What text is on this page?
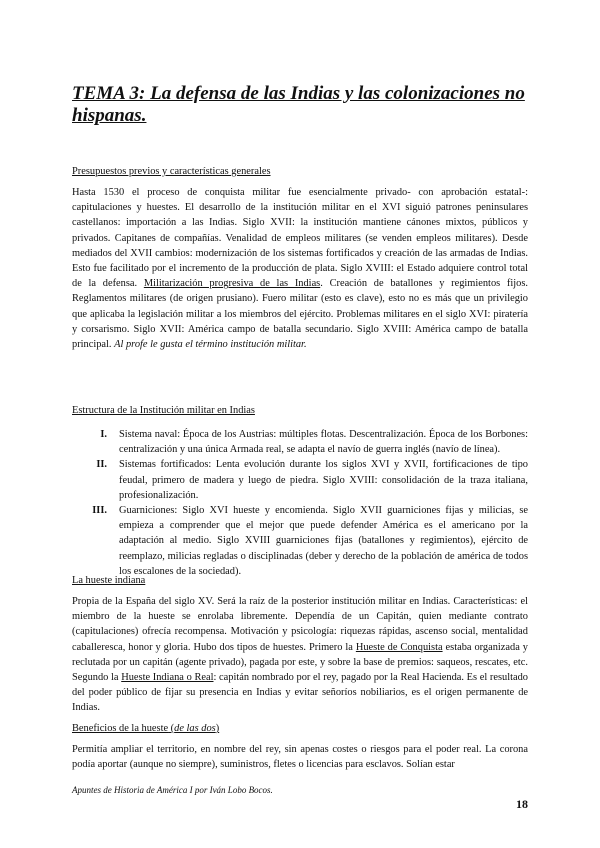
TEMA 3: La defensa de las Indias y las colonizaciones no hispanas.
Presupuestos previos y características generales

Hasta 1530 el proceso de conquista militar fue esencialmente privado- con aprobación estatal-: capitulaciones y huestes. El desarrollo de la institución militar en el XVI siguió patrones peninsulares castellanos: importación a las Indias. Siglo XVII: la institución mantiene cánones mixtos, públicos y privados. Capitanes de compañías. Venalidad de empleos militares (se venden empleos militares). Desde mediados del XVII cambios: modernización de los sistemas fortificados y creación de las armadas de Indias. Esto fue facilitado por el incremento de la producción de plata. Siglo XVIII: el Estado adquiere control total de la defensa. Militarización progresiva de las Indias. Creación de batallones y regimientos fijos. Reglamentos militares (de origen prusiano). Fuero militar (esto es clave), esto no es más que un privilegio que aplicaba la legislación militar a los miembros del ejército. Problemas militares en el siglo XVI: piratería y corsarismo. Siglo XVII: América campo de batalla secundario. Siglo XVIII: América campo de batalla principal. Al profe le gusta el término institución militar.

Estructura de la Institución militar en Indias
I.	Sistema naval: Época de los Austrias: múltiples flotas. Descentralización. Época de los Borbones: centralización y una única Armada real, se adapta el navío de guerra inglés (navío de línea).
II.	Sistemas fortificados: Lenta evolución durante los siglos XVI y XVII, fortificaciones de tipo feudal, primero de madera y luego de piedra. Siglo XVIII: consolidación de la traza italiana, profesionalización.
III.	Guarniciones: Siglo XVI hueste y encomienda. Siglo XVII guarniciones fijas y milicias, se empieza a comprender que el mejor que puede defender América es el americano por la adaptación al medio. Siglo XVIII guarniciones fijas (batallones y regimientos), ejército de reemplazo, milicias regladas o disciplinadas (deber y derecho de la población de américa de todos los escalones de la sociedad).
La hueste indiana

Propia de la España del siglo XV. Será la raíz de la posterior institución militar en Indias. Características: el miembro de la hueste se enrolaba libremente. Dependía de un Capitán, quien mediante contrato (capitulaciones) ofrecía recompensa. Motivación y psicología: riquezas rápidas, ascenso social, mentalidad caballeresca, honor y gloria. Hubo dos tipos de huestes. Primero la Hueste de Conquista estaba organizada y reclutada por un capitán (agente privado), pagada por este, y sobre la base de premios: saqueos, rescates, etc. Segundo la Hueste Indiana o Real: capitán nombrado por el rey, pagado por la Real Hacienda. Es el resultado del poder público de fijar su presencia en Indias y evitar señoríos nobiliarios, es el origen permanente de Indias.

Beneficios de la hueste (de las dos)

Permitía ampliar el territorio, en nombre del rey, sin apenas costes o riesgos para el poder real. La corona podía aportar (aunque no siempre), suministros, fletes o licencias para esclavos. Solían estar

Apuntes de Historia de América I por Iván Lobo Bocos.
18
